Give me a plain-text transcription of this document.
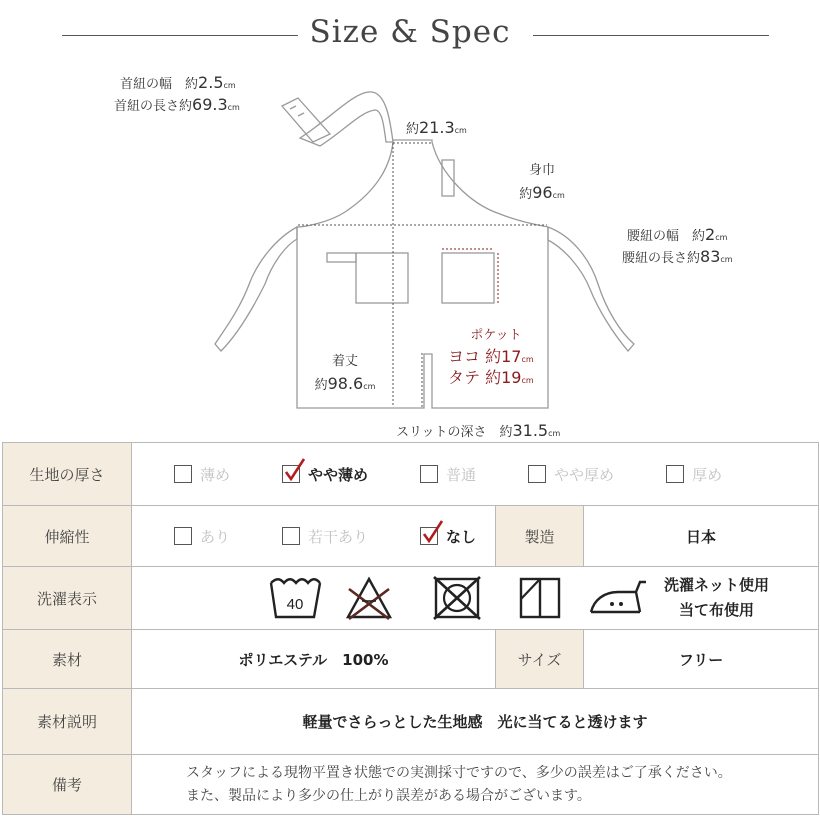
Size & Spec
首紐の幅　 約2.5cm
首紐の長さ約69.3cm
約21.3cm
身巾
約96cm
腰紐の幅　 約2cm
腰紐の長さ約83cm
ポケット
ヨコ 約17cm
タテ 約19cm
着丈
約98.6cm
スリットの深さ　約31.5cm
生地の厚さ	薄め やや薄め 普通 やや厚め 厚め		

伸縮性	あり 若干あり なし	製造	日本
洗濯表示	40
洗濯ネット使用
当て布使用		

素材	ポリエステル　100%	サイズ	フリー
素材説明	軽量でさらっとした生地感　光に当てると透けます		
備考	スタッフによる現物平置き状態での実測採寸ですので、多少の誤差はご了承ください。
また、製品により多少の仕上がり誤差がある場合がございます。		
